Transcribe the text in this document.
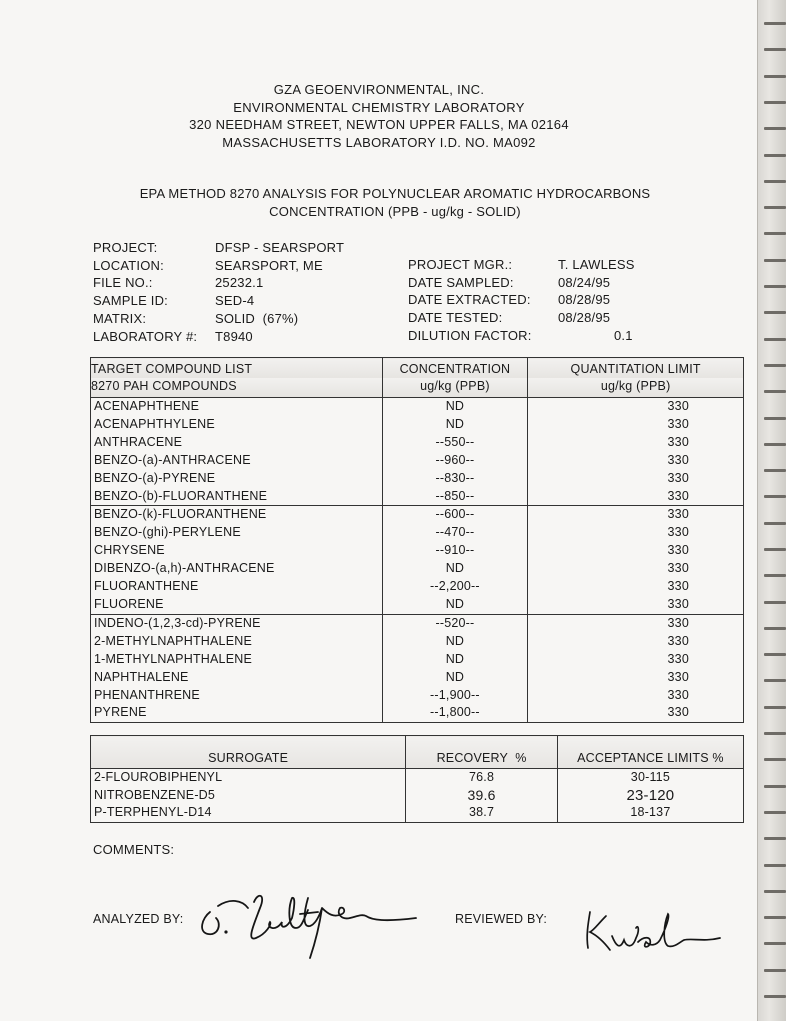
GZA GEOENVIRONMENTAL, INC.
ENVIRONMENTAL CHEMISTRY LABORATORY
320 NEEDHAM STREET, NEWTON UPPER FALLS, MA 02164
MASSACHUSETTS LABORATORY I.D. NO. MA092
EPA METHOD 8270 ANALYSIS FOR POLYNUCLEAR AROMATIC HYDROCARBONS
CONCENTRATION (PPB - ug/kg - SOLID)
PROJECT:	DFSP - SEARSPORT
LOCATION:	SEARSPORT, ME
FILE NO.:	25232.1
SAMPLE ID:	SED-4
MATRIX:	SOLID  (67%)
LABORATORY #:	T8940
PROJECT MGR.:	T. LAWLESS
DATE SAMPLED:	08/24/95
DATE EXTRACTED:	08/28/95
DATE TESTED:	08/28/95
DILUTION FACTOR:	0.1
TARGET COMPOUND LIST	CONCENTRATION	QUANTITATION LIMIT
8270 PAH COMPOUNDS	ug/kg (PPB)	ug/kg (PPB)
ACENAPHTHENE	ND	330
ACENAPHTHYLENE	ND	330
ANTHRACENE	--550--	330
BENZO-(a)-ANTHRACENE	--960--	330
BENZO-(a)-PYRENE	--830--	330
BENZO-(b)-FLUORANTHENE	--850--	330
BENZO-(k)-FLUORANTHENE	--600--	330
BENZO-(ghi)-PERYLENE	--470--	330
CHRYSENE	--910--	330
DIBENZO-(a,h)-ANTHRACENE	ND	330
FLUORANTHENE	--2,200--	330
FLUORENE	ND	330
INDENO-(1,2,3-cd)-PYRENE	--520--	330
2-METHYLNAPHTHALENE	ND	330
1-METHYLNAPHTHALENE	ND	330
NAPHTHALENE	ND	330
PHENANTHRENE	--1,900--	330
PYRENE	--1,800--	330
SURROGATE	RECOVERY  %	ACCEPTANCE LIMITS %
2-FLOUROBIPHENYL	76.8	30-115
NITROBENZENE-D5	39.6	23-120
P-TERPHENYL-D14	38.7	18-137
COMMENTS:
ANALYZED BY:	REVIEWED BY:
